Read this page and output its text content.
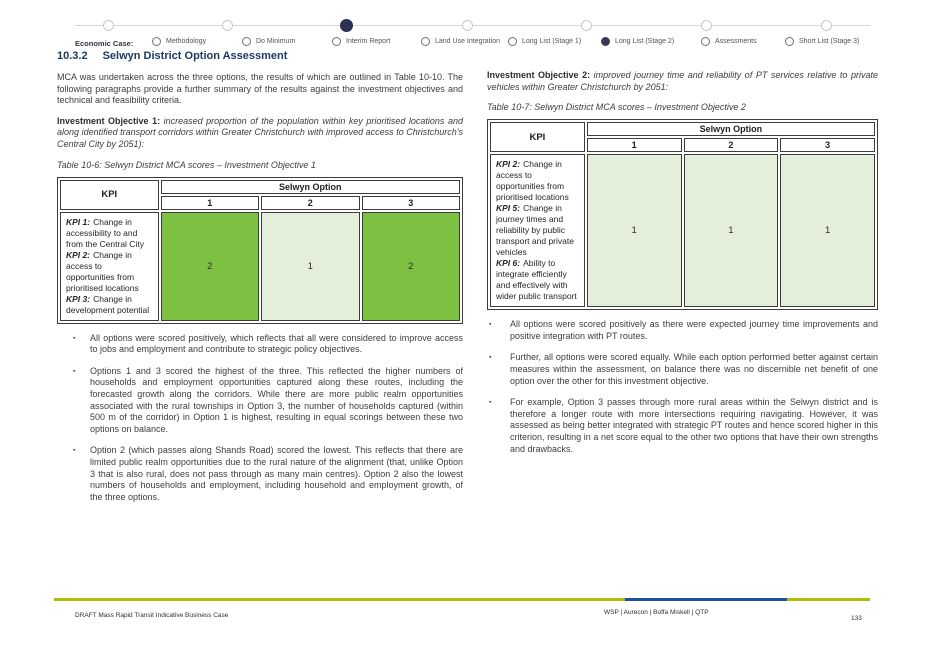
Economic Case:	Methodology	Do Minimum	Interim Report	Land Use Integration	Long List (Stage 1)	Long List (Stage 2)	Assessments	Short List (Stage 3)
10.3.2 Selwyn District Option Assessment

MCA was undertaken across the three options, the results of which are outlined in Table 10-10. The following paragraphs provide a further summary of the results against the investment objectives and technical and feasibility criteria.

Investment Objective 1: increased proportion of the population within key prioritised locations and along identified transport corridors within Greater Christchurch with improved access to Christchurch's Central City by 2051):

Table 10-6: Selwyn District MCA scores – Investment Objective 1
KPI	Selwyn Option		
	1	2	3

KPI 1: Change in accessibility to and from the Central City
KPI 2: Change in access to opportunities from prioritised locations
KPI 3: Change in development potential	2	1	2
▪ All options were scored positively, which reflects that all were considered to improve access to jobs and employment and contribute to strategic policy objectives.
▪ Options 1 and 3 scored the highest of the three. This reflected the higher numbers of households and employment opportunities captured along these routes, including the forecasted growth along the corridors. While there are more public realm opportunities associated with the rural townships in Option 3, the number of households captured (within 500 m of the corridor) in Option 1 is highest, resulting in equal scorings between these two options on balance.
▪ Option 2 (which passes along Shands Road) scored the lowest. This reflects that there are limited public realm opportunities due to the rural nature of the alignment (that, unlike Option 3 that is also rural, does not pass through as many main centres). Option 2 also the lowest numbers of households and employment, including household and employment growth, of the three options.

Investment Objective 2: improved journey time and reliability of PT services relative to private vehicles within Greater Christchurch by 2051:

Table 10-7: Selwyn District MCA scores – Investment Objective 2
KPI	Selwyn Option		
	1	2	3

KPI 2: Change in access to opportunities from prioritised locations
KPI 5: Change in journey times and reliability by public transport and private vehicles
KPI 6: Ability to integrate efficiently and effectively with wider public transport	1	1	1
▪ All options were scored positively as there were expected journey time improvements and positive integration with PT routes.
▪ Further, all options were scored equally. While each option performed better against certain measures within the assessment, on balance there was no discernible net benefit of one option over the other for this investment objective.
▪ For example, Option 3 passes through more rural areas within the Selwyn district and is therefore a longer route with more intersections requiring navigating. However, it was assessed as being better integrated with strategic PT routes and hence scored higher in this criterion, resulting in a net score equal to the other two options that have their own strengths and drawbacks.
DRAFT Mass Rapid Transit Indicative Business Case	WSP | Aurecon | Boffa Miskell | QTP
133
